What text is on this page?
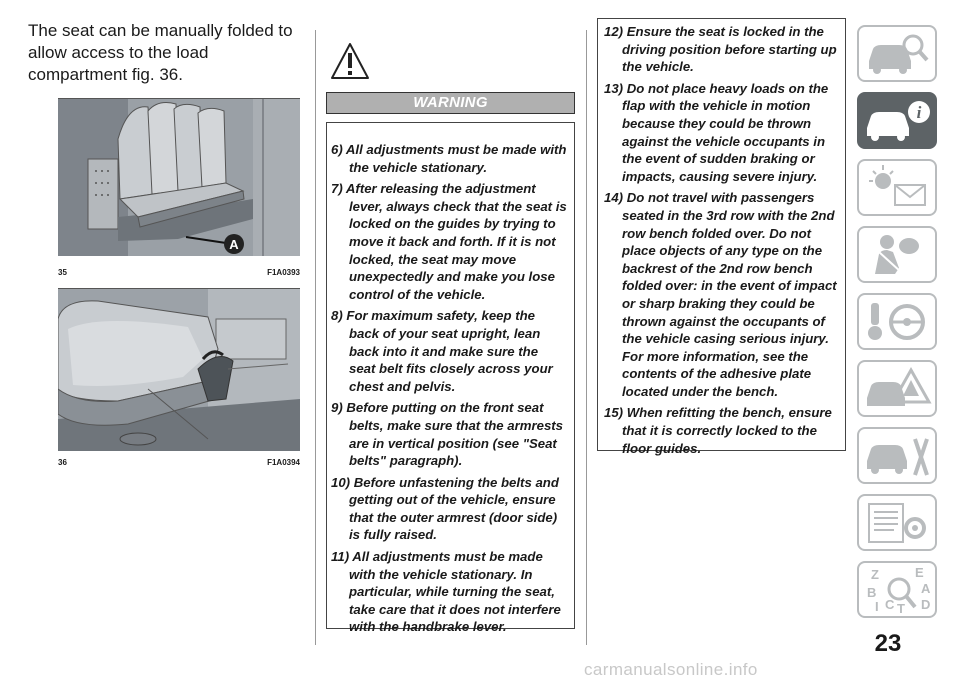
The seat can be manually folded to allow access to the load compartment fig. 36.
A
35	F1A0393
36	F1A0394
WARNING

6) All adjustments must be made with the vehicle stationary.

7) After releasing the adjustment lever, always check that the seat is locked on the guides by trying to move it back and forth. If it is not locked, the seat may move unexpectedly and make you lose control of the vehicle.

8) For maximum safety, keep the back of your seat upright, lean back into it and make sure the seat belt fits closely across your chest and pelvis.

9) Before putting on the front seat belts, make sure that the armrests are in vertical position (see "Seat belts" paragraph).

10) Before unfastening the belts and getting out of the vehicle, ensure that the outer armrest (door side) is fully raised.

11) All adjustments must be made with the vehicle stationary. In particular, while turning the seat, take care that it does not interfere with the handbrake lever.

12) Ensure the seat is locked in the driving position before starting up the vehicle.

13) Do not place heavy loads on the flap with the vehicle in motion because they could be thrown against the vehicle occupants in the event of sudden braking or impacts, causing severe injury.

14) Do not travel with passengers seated in the 3rd row with the 2nd row bench folded over. Do not place objects of any type on the backrest of the 2nd row bench folded over: in the event of impact or sharp braking they could be thrown against the occupants of the vehicle casing serious injury. For more information, see the contents of the adhesive plate located under the bench.

15) When refitting the bench, ensure that it is correctly locked to the floor guides.

i
Z	E
B	A
C
I T D
23
carmanualsonline.info
